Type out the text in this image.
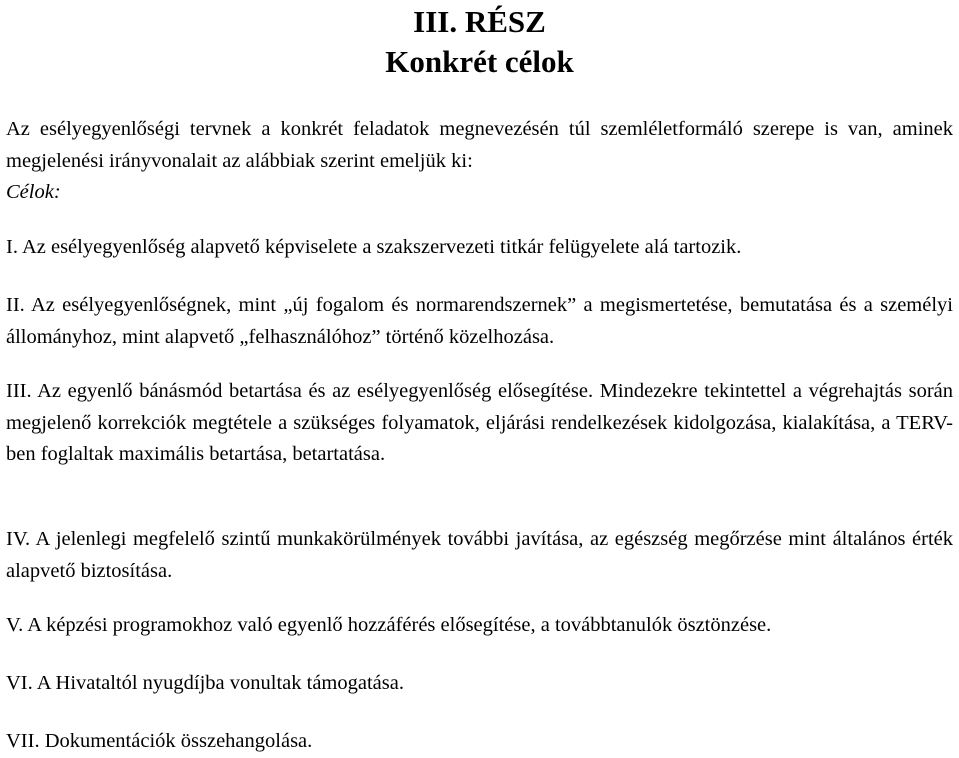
III. RÉSZ
Konkrét célok

Az esélyegyenlőségi tervnek a konkrét feladatok megnevezésén túl szemléletformáló szerepe is van, aminek megjelenési irányvonalait az alábbiak szerint emeljük ki:

Célok:

I. Az esélyegyenlőség alapvető képviselete a szakszervezeti titkár felügyelete alá tartozik.

II. Az esélyegyenlőségnek, mint „új fogalom és normarendszernek” a megismertetése, bemutatása és a személyi állományhoz, mint alapvető „felhasználóhoz” történő közelhozása.

III. Az egyenlő bánásmód betartása és az esélyegyenlőség elősegítése. Mindezekre tekintettel a végrehajtás során megjelenő korrekciók megtétele a szükséges folyamatok, eljárási rendelkezések kidolgozása, kialakítása, a TERV-ben foglaltak maximális betartása, betartatása.

IV. A jelenlegi megfelelő szintű munkakörülmények további javítása, az egészség megőrzése mint általános érték alapvető biztosítása.

V. A képzési programokhoz való egyenlő hozzáférés elősegítése, a továbbtanulók ösztönzése.

VI. A Hivataltól nyugdíjba vonultak támogatása.

VII. Dokumentációk összehangolása.
